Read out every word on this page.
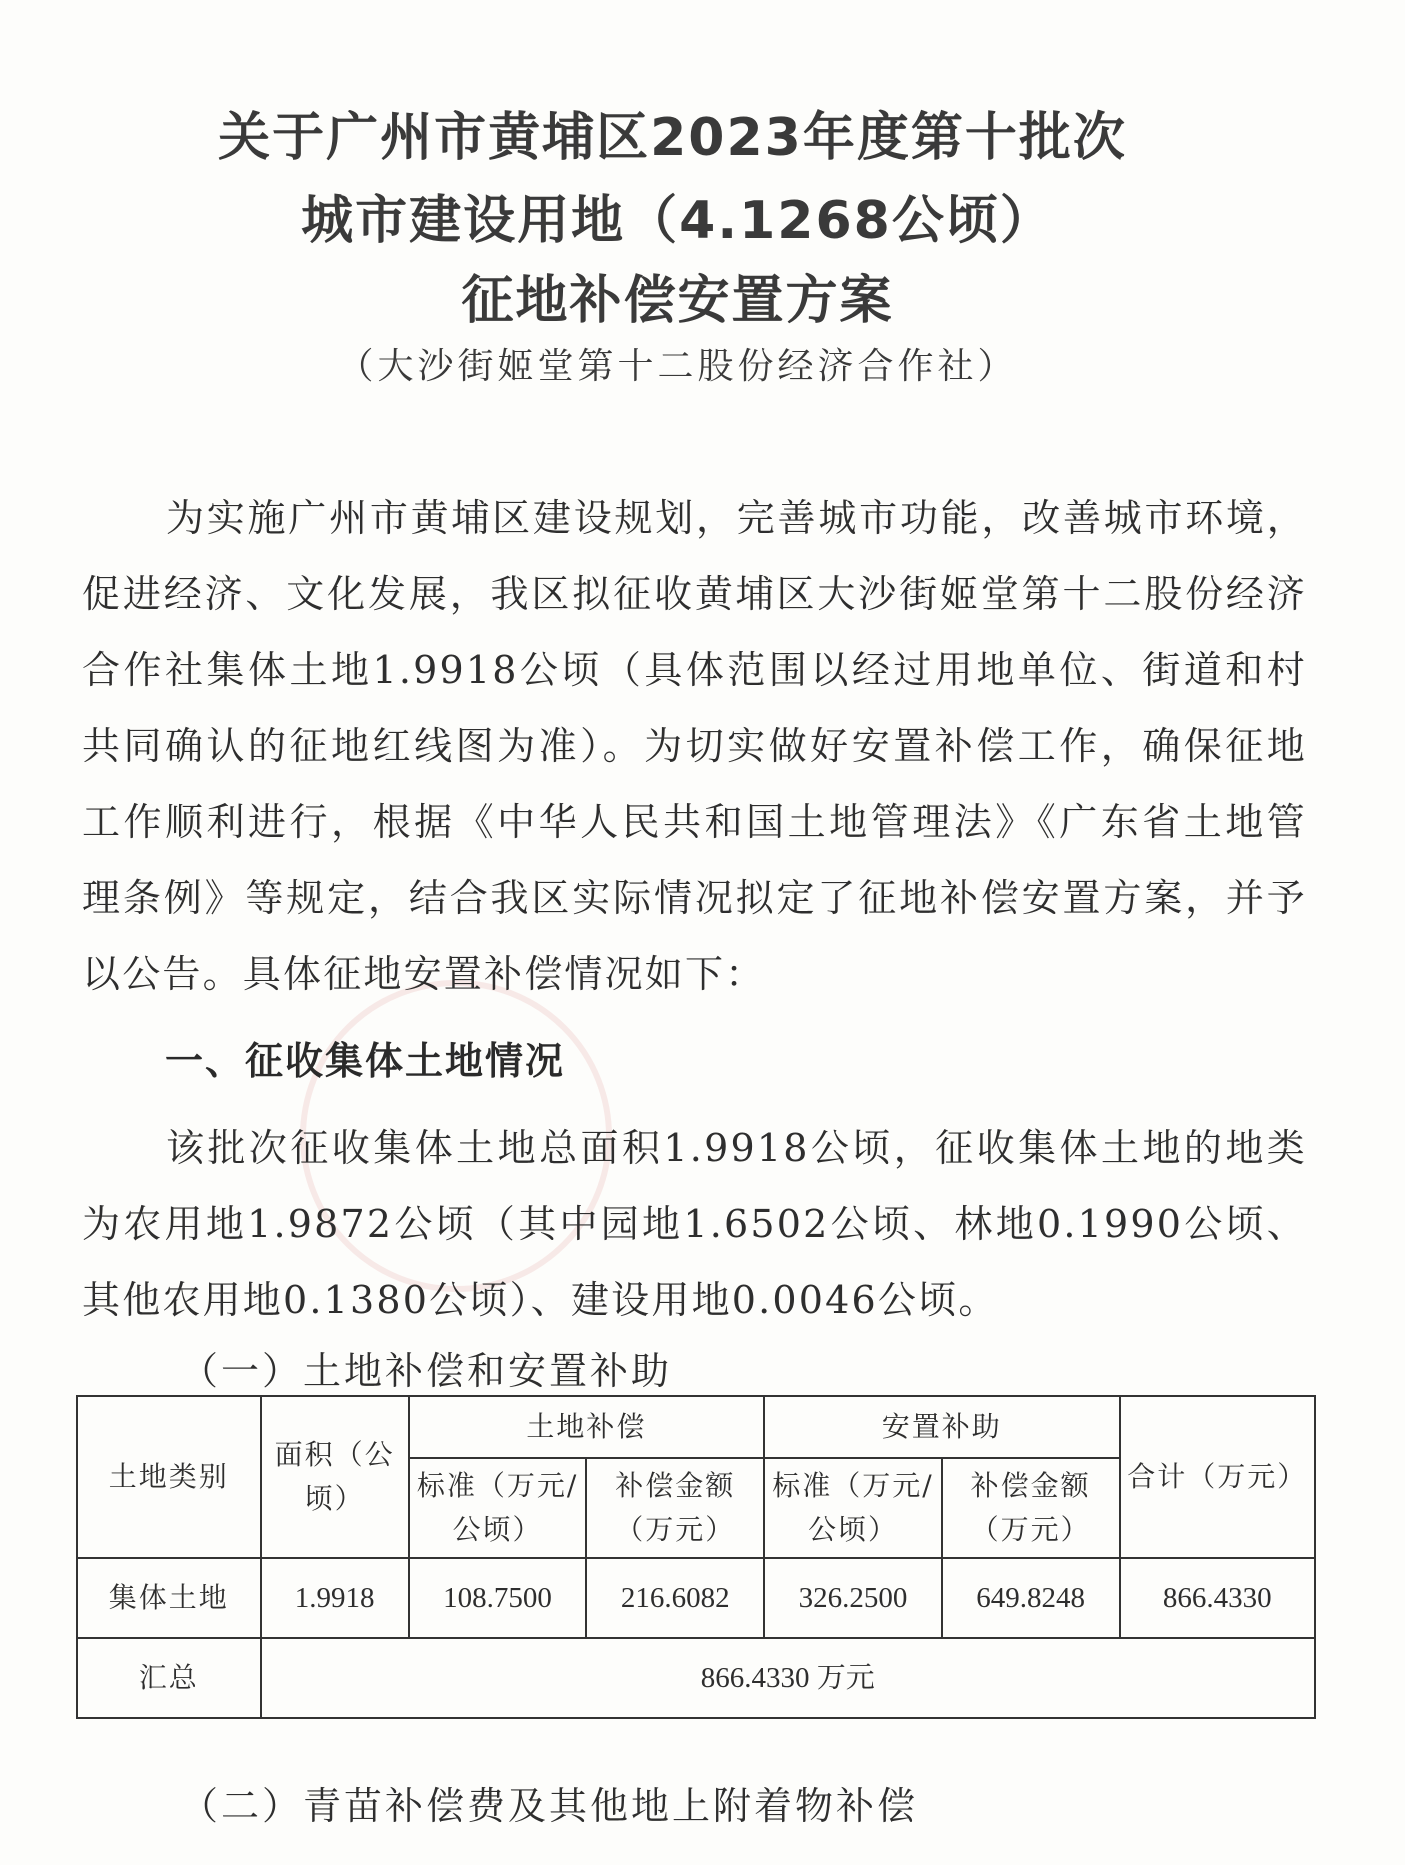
关于广州市黄埔区2023年度第十批次
城市建设用地（4.1268公顷）
征地补偿安置方案
（大沙街姬堂第十二股份经济合作社）
为实施广州市黄埔区建设规划，完善城市功能，改善城市环境，促进经济、文化发展，我区拟征收黄埔区大沙街姬堂第十二股份经济合作社集体土地1.9918公顷（具体范围以经过用地单位、街道和村共同确认的征地红线图为准）。为切实做好安置补偿工作，确保征地工作顺利进行，根据《中华人民共和国土地管理法》《广东省土地管理条例》等规定，结合我区实际情况拟定了征地补偿安置方案，并予以公告。具体征地安置补偿情况如下：
一、征收集体土地情况
该批次征收集体土地总面积1.9918公顷，征收集体土地的地类为农用地1.9872公顷（其中园地1.6502公顷、林地0.1990公顷、其他农用地0.1380公顷）、建设用地0.0046公顷。
（一）土地补偿和安置补助
土地类别	面积（公顷）	土地补偿		安置补助		合计（万元）
		标准（万元/公顷）	补偿金额（万元）	标准（万元/公顷）	补偿金额（万元）	
集体土地	1.9918	108.7500	216.6082	326.2500	649.8248	866.4330
汇总	866.4330 万元					
（二）青苗补偿费及其他地上附着物补偿
